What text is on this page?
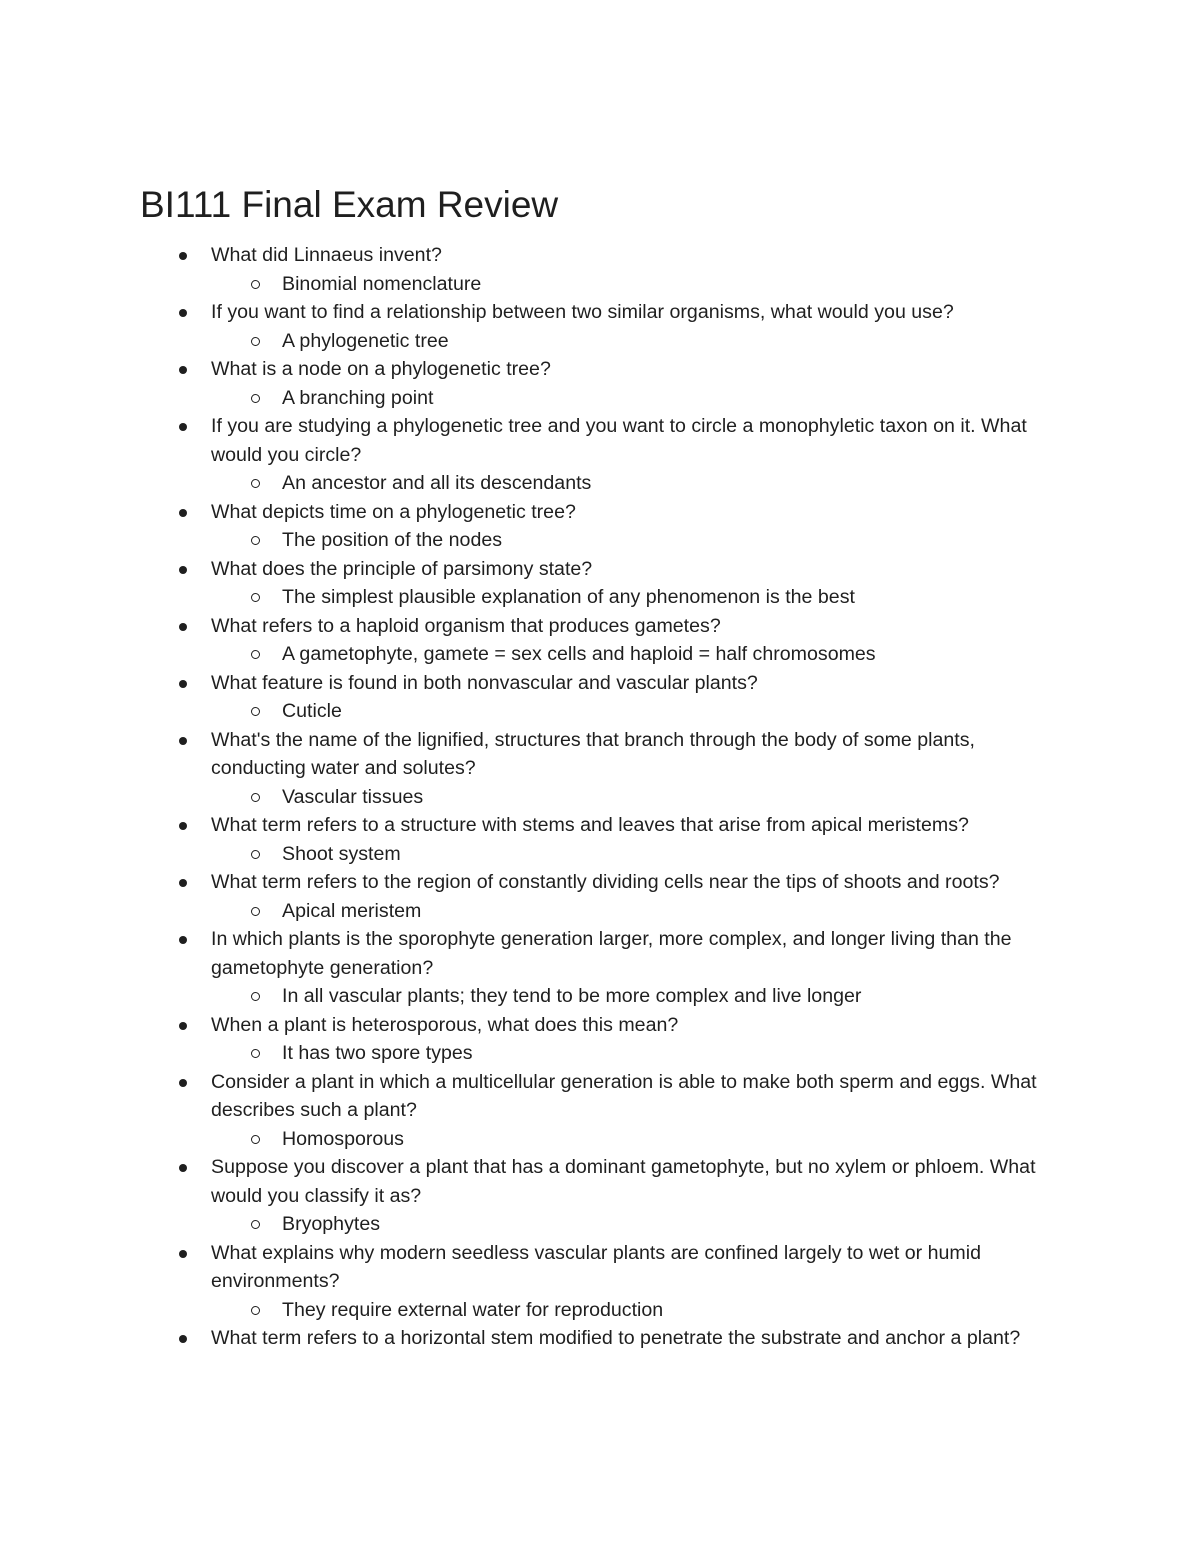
BI111 Final Exam Review
What did Linnaeus invent?
Binomial nomenclature
If you want to find a relationship between two similar organisms, what would you use?
A phylogenetic tree
What is a node on a phylogenetic tree?
A branching point
If you are studying a phylogenetic tree and you want to circle a monophyletic taxon on it. What would you circle?
An ancestor and all its descendants
What depicts time on a phylogenetic tree?
The position of the nodes
What does the principle of parsimony state?
The simplest plausible explanation of any phenomenon is the best
What refers to a haploid organism that produces gametes?
A gametophyte, gamete = sex cells and haploid = half chromosomes
What feature is found in both nonvascular and vascular plants?
Cuticle
What's the name of the lignified, structures that branch through the body of some plants, conducting water and solutes?
Vascular tissues
What term refers to a structure with stems and leaves that arise from apical meristems?
Shoot system
What term refers to the region of constantly dividing cells near the tips of shoots and roots?
Apical meristem
In which plants is the sporophyte generation larger, more complex, and longer living than the gametophyte generation?
In all vascular plants; they tend to be more complex and live longer
When a plant is heterosporous, what does this mean?
It has two spore types
Consider a plant in which a multicellular generation is able to make both sperm and eggs. What describes such a plant?
Homosporous
Suppose you discover a plant that has a dominant gametophyte, but no xylem or phloem. What would you classify it as?
Bryophytes
What explains why modern seedless vascular plants are confined largely to wet or humid environments?
They require external water for reproduction
What term refers to a horizontal stem modified to penetrate the substrate and anchor a plant?
